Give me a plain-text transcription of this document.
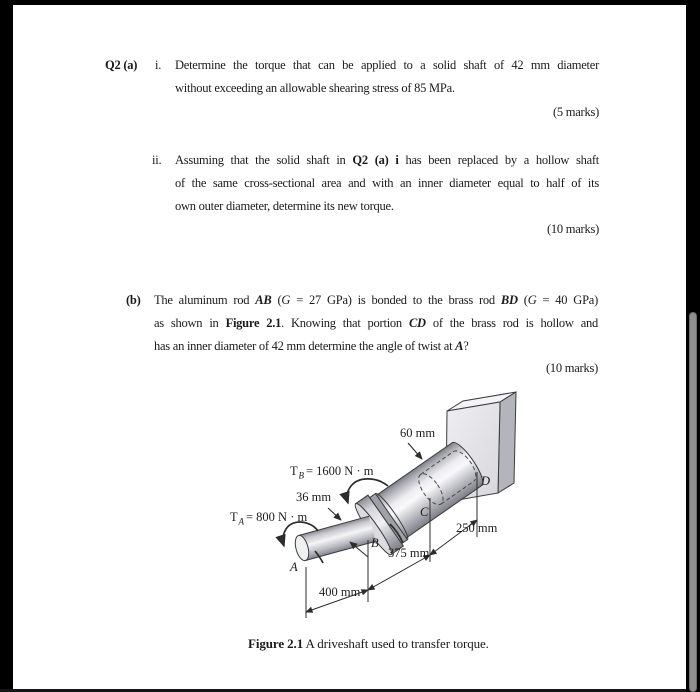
Q2 (a) i. Determine the torque that can be applied to a solid shaft of 42 mm diameter
without exceeding an allowable shearing stress of 85 MPa.
(5 marks)
ii. Assuming that the solid shaft in Q2 (a) i has been replaced by a hollow shaft
of the same cross-sectional area and with an inner diameter equal to half of its
own outer diameter, determine its new torque.
(10 marks)
(b) The aluminum rod AB (G = 27 GPa) is bonded to the brass rod BD (G = 40 GPa)
as shown in Figure 2.1. Knowing that portion CD of the brass rod is hollow and
has an inner diameter of 42 mm determine the angle of twist at A?
(10 marks)
60 mm
T B = 1600 N · m
36 mm
T A = 800 N · m
A
B
C
D
250 mm
375 mm
400 mm
Figure 2.1 A driveshaft used to transfer torque.
